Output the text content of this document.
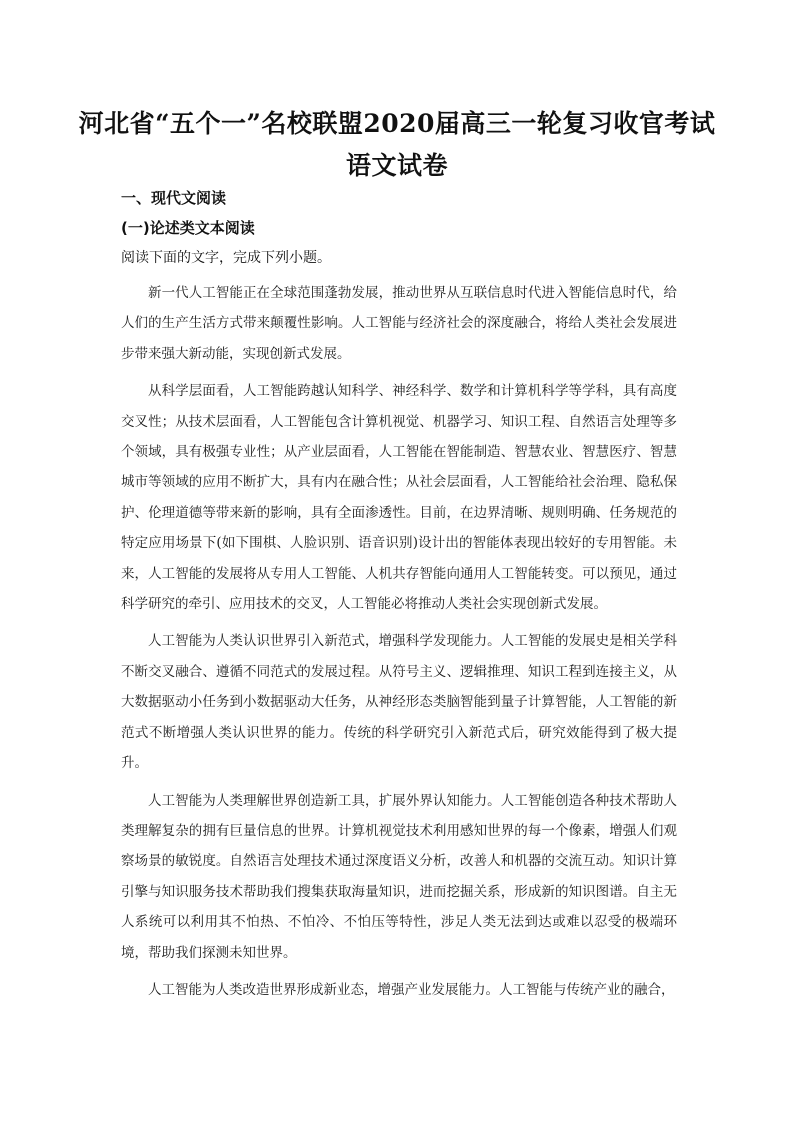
河北省“五个一”名校联盟2020届高三一轮复习收官考试
语文试卷
一、现代文阅读
(一)论述类文本阅读
阅读下面的文字，完成下列小题。

新一代人工智能正在全球范围蓬勃发展，推动世界从互联信息时代进入智能信息时代，给人们的生产生活方式带来颠覆性影响。人工智能与经济社会的深度融合，将给人类社会发展进步带来强大新动能，实现创新式发展。

从科学层面看，人工智能跨越认知科学、神经科学、数学和计算机科学等学科，具有高度交叉性；从技术层面看，人工智能包含计算机视觉、机器学习、知识工程、自然语言处理等多个领域，具有极强专业性；从产业层面看，人工智能在智能制造、智慧农业、智慧医疗、智慧城市等领域的应用不断扩大，具有内在融合性；从社会层面看，人工智能给社会治理、隐私保护、伦理道德等带来新的影响，具有全面渗透性。目前，在边界清晰、规则明确、任务规范的特定应用场景下(如下围棋、人脸识别、语音识别)设计出的智能体表现出较好的专用智能。未来，人工智能的发展将从专用人工智能、人机共存智能向通用人工智能转变。可以预见，通过科学研究的牵引、应用技术的交叉，人工智能必将推动人类社会实现创新式发展。

人工智能为人类认识世界引入新范式，增强科学发现能力。人工智能的发展史是相关学科不断交叉融合、遵循不同范式的发展过程。从符号主义、逻辑推理、知识工程到连接主义，从大数据驱动小任务到小数据驱动大任务，从神经形态类脑智能到量子计算智能，人工智能的新范式不断增强人类认识世界的能力。传统的科学研究引入新范式后，研究效能得到了极大提升。

人工智能为人类理解世界创造新工具，扩展外界认知能力。人工智能创造各种技术帮助人类理解复杂的拥有巨量信息的世界。计算机视觉技术利用感知世界的每一个像素，增强人们观察场景的敏锐度。自然语言处理技术通过深度语义分析，改善人和机器的交流互动。知识计算引擎与知识服务技术帮助我们搜集获取海量知识，进而挖掘关系，形成新的知识图谱。自主无人系统可以利用其不怕热、不怕冷、不怕压等特性，涉足人类无法到达或难以忍受的极端环境，帮助我们探测未知世界。

人工智能为人类改造世界形成新业态，增强产业发展能力。人工智能与传统产业的融合，
